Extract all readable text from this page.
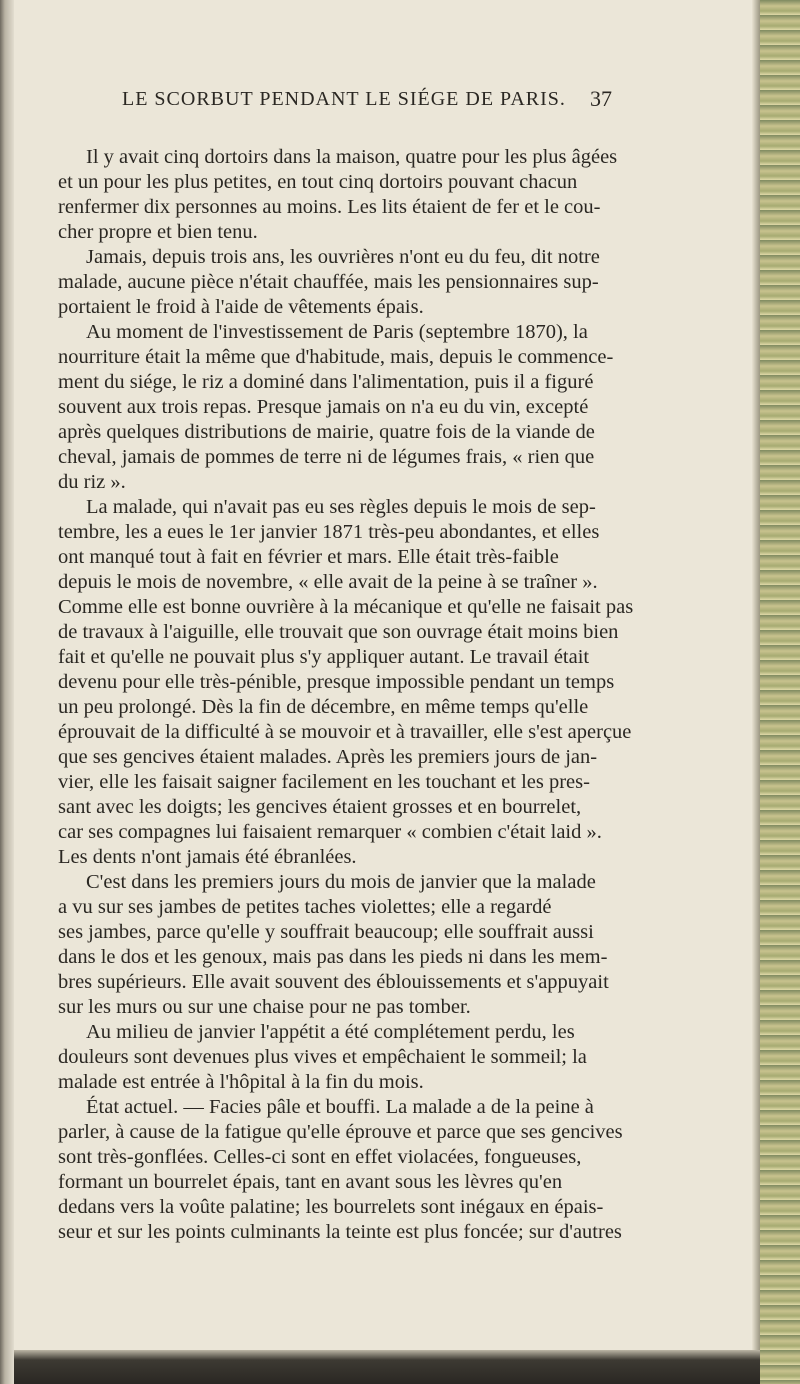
LE SCORBUT PENDANT LE SIÉGE DE PARIS. 37
Il y avait cinq dortoirs dans la maison, quatre pour les plus âgées
et un pour les plus petites, en tout cinq dortoirs pouvant chacun
renfermer dix personnes au moins. Les lits étaient de fer et le cou-
cher propre et bien tenu.
Jamais, depuis trois ans, les ouvrières n'ont eu du feu, dit notre
malade, aucune pièce n'était chauffée, mais les pensionnaires sup-
portaient le froid à l'aide de vêtements épais.
Au moment de l'investissement de Paris (septembre 1870), la
nourriture était la même que d'habitude, mais, depuis le commence-
ment du siége, le riz a dominé dans l'alimentation, puis il a figuré
souvent aux trois repas. Presque jamais on n'a eu du vin, excepté
après quelques distributions de mairie, quatre fois de la viande de
cheval, jamais de pommes de terre ni de légumes frais, « rien que
du riz ».
La malade, qui n'avait pas eu ses règles depuis le mois de sep-
tembre, les a eues le 1er janvier 1871 très-peu abondantes, et elles
ont manqué tout à fait en février et mars. Elle était très-faible
depuis le mois de novembre, « elle avait de la peine à se traîner ».
Comme elle est bonne ouvrière à la mécanique et qu'elle ne faisait pas
de travaux à l'aiguille, elle trouvait que son ouvrage était moins bien
fait et qu'elle ne pouvait plus s'y appliquer autant. Le travail était
devenu pour elle très-pénible, presque impossible pendant un temps
un peu prolongé. Dès la fin de décembre, en même temps qu'elle
éprouvait de la difficulté à se mouvoir et à travailler, elle s'est aperçue
que ses gencives étaient malades. Après les premiers jours de jan-
vier, elle les faisait saigner facilement en les touchant et les pres-
sant avec les doigts; les gencives étaient grosses et en bourrelet,
car ses compagnes lui faisaient remarquer « combien c'était laid ».
Les dents n'ont jamais été ébranlées.
C'est dans les premiers jours du mois de janvier que la malade
a vu sur ses jambes de petites taches violettes; elle a regardé
ses jambes, parce qu'elle y souffrait beaucoup; elle souffrait aussi
dans le dos et les genoux, mais pas dans les pieds ni dans les mem-
bres supérieurs. Elle avait souvent des éblouissements et s'appuyait
sur les murs ou sur une chaise pour ne pas tomber.
Au milieu de janvier l'appétit a été complétement perdu, les
douleurs sont devenues plus vives et empêchaient le sommeil; la
malade est entrée à l'hôpital à la fin du mois.
État actuel. — Facies pâle et bouffi. La malade a de la peine à
parler, à cause de la fatigue qu'elle éprouve et parce que ses gencives
sont très-gonflées. Celles-ci sont en effet violacées, fongueuses,
formant un bourrelet épais, tant en avant sous les lèvres qu'en
dedans vers la voûte palatine; les bourrelets sont inégaux en épais-
seur et sur les points culminants la teinte est plus foncée; sur d'autres
